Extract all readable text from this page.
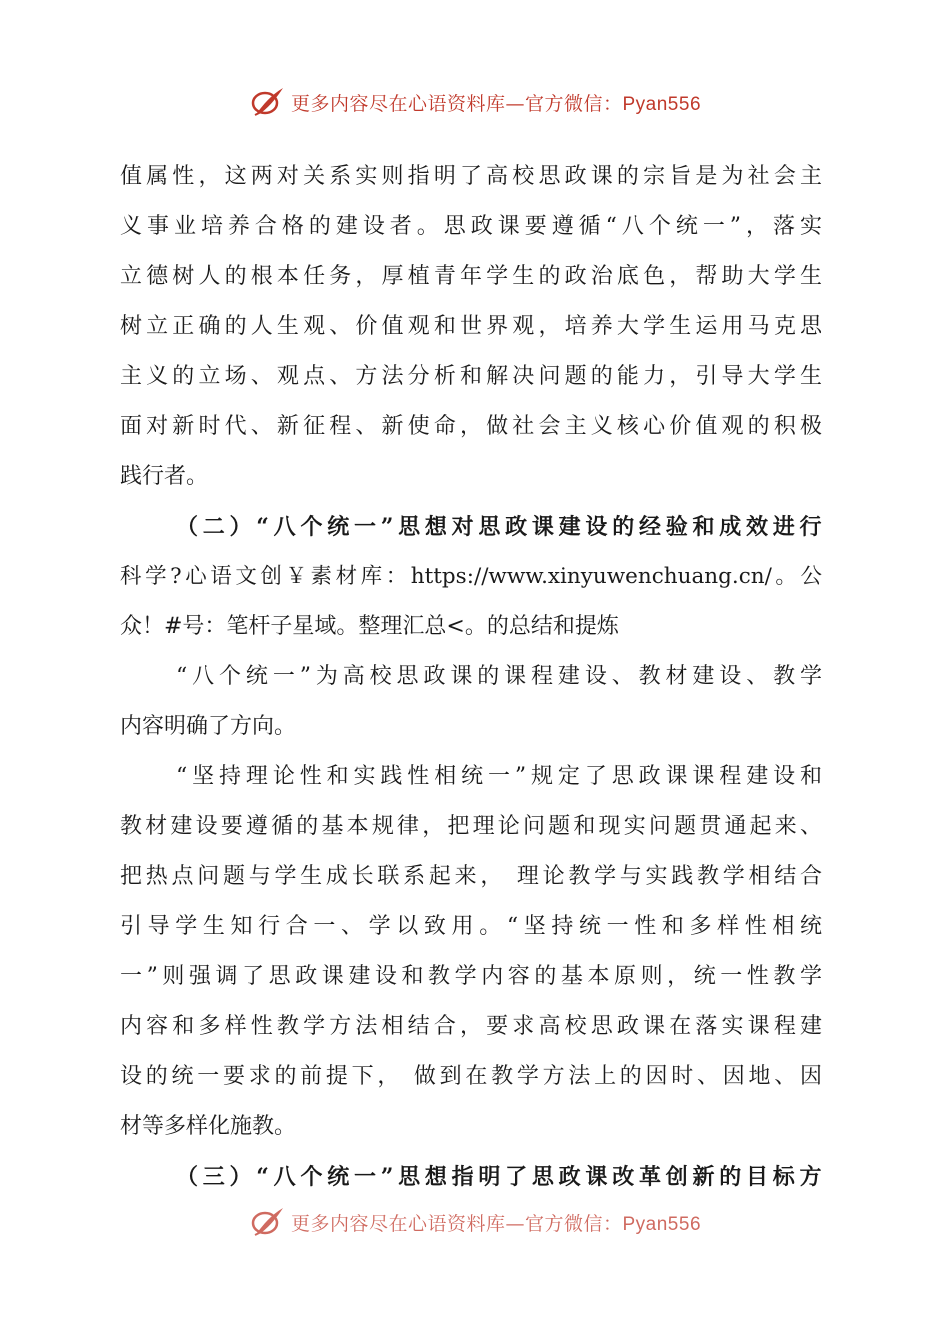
更多内容尽在心语资料库—官方微信：Pyan556
值属性，这两对关系实则指明了高校思政课的宗旨是为社会主
义事业培养合格的建设者。思政课要遵循“八个统一”，落实
立德树人的根本任务，厚植青年学生的政治底色，帮助大学生
树立正确的人生观、价值观和世界观，培养大学生运用马克思
主义的立场、观点、方法分析和解决问题的能力，引导大学生
面对新时代、新征程、新使命，做社会主义核心价值观的积极
践行者。
（二）“八个统一”思想对思政课建设的经验和成效进行
科学?心语文创￥素材库：https://www.xinyuwenchuang.cn/。公
众！#号：笔杆子星域。整理汇总<。的总结和提炼
“八个统一”为高校思政课的课程建设、教材建设、教学
内容明确了方向。
“坚持理论性和实践性相统一”规定了思政课课程建设和
教材建设要遵循的基本规律，把理论问题和现实问题贯通起来、
把热点问题与学生成长联系起来， 理论教学与实践教学相结合
引导学生知行合一、学以致用。“坚持统一性和多样性相统
一”则强调了思政课建设和教学内容的基本原则，统一性教学
内容和多样性教学方法相结合，要求高校思政课在落实课程建
设的统一要求的前提下， 做到在教学方法上的因时、因地、因
材等多样化施教。
（三）“八个统一”思想指明了思政课改革创新的目标方
更多内容尽在心语资料库—官方微信：Pyan556
